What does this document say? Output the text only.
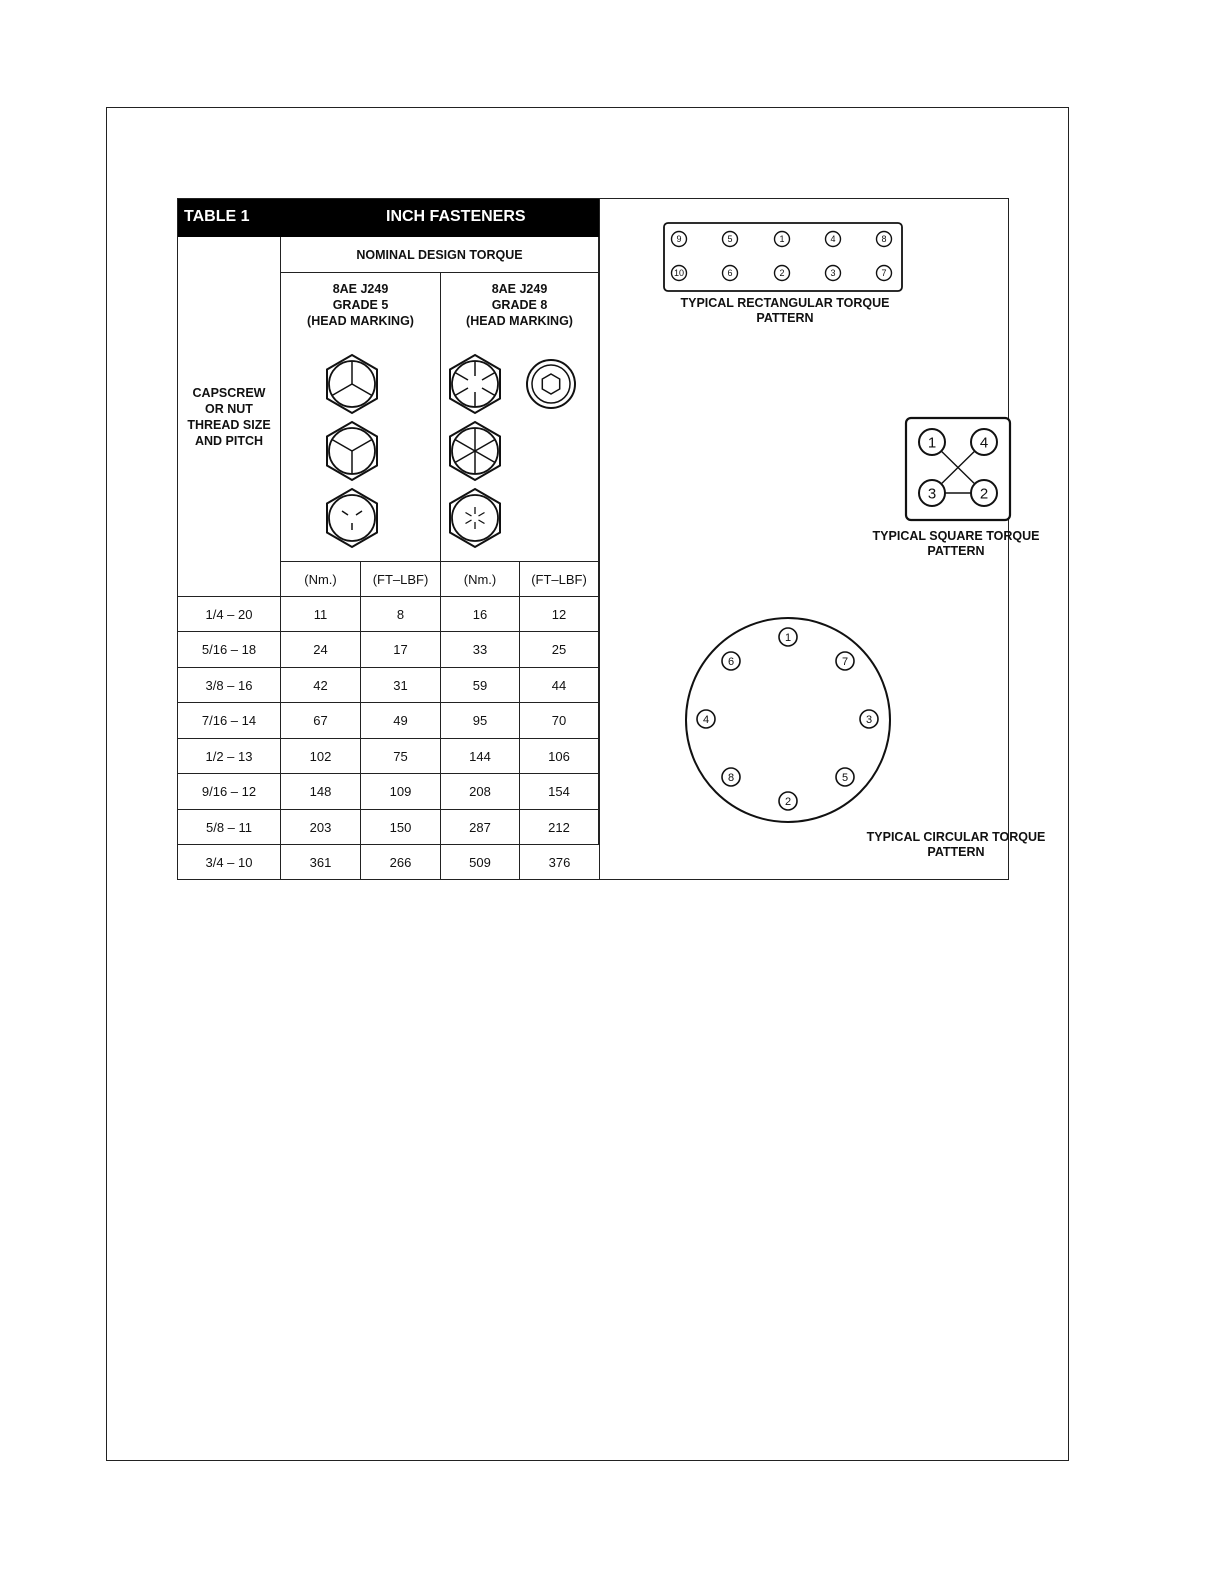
TABLE 1	INCH FASTENERS
CAPSCREW
OR NUT
THREAD SIZE
AND PITCH
NOMINAL DESIGN TORQUE
8AE J249
GRADE 5
(HEAD MARKING)
8AE J249
GRADE 8
(HEAD MARKING)
(Nm.)	(FT–LBF)	(Nm.)	(FT–LBF)
1/4 – 20	11	8	16	12
5/16 – 18	24	17	33	25
3/8 – 16	42	31	59	44
7/16 – 14	67	49	95	70
1/2 – 13	102	75	144	106
9/16 – 12	148	109	208	154
5/8 – 11	203	150	287	212
3/4 – 10	361	266	509	376
9	5	1	4	8
10	6	2	3	7
TYPICAL RECTANGULAR TORQUE
PATTERN
1	4
3	2
TYPICAL SQUARE TORQUE
PATTERN
1
7
3
5
2
8
4
6
TYPICAL CIRCULAR TORQUE
PATTERN
